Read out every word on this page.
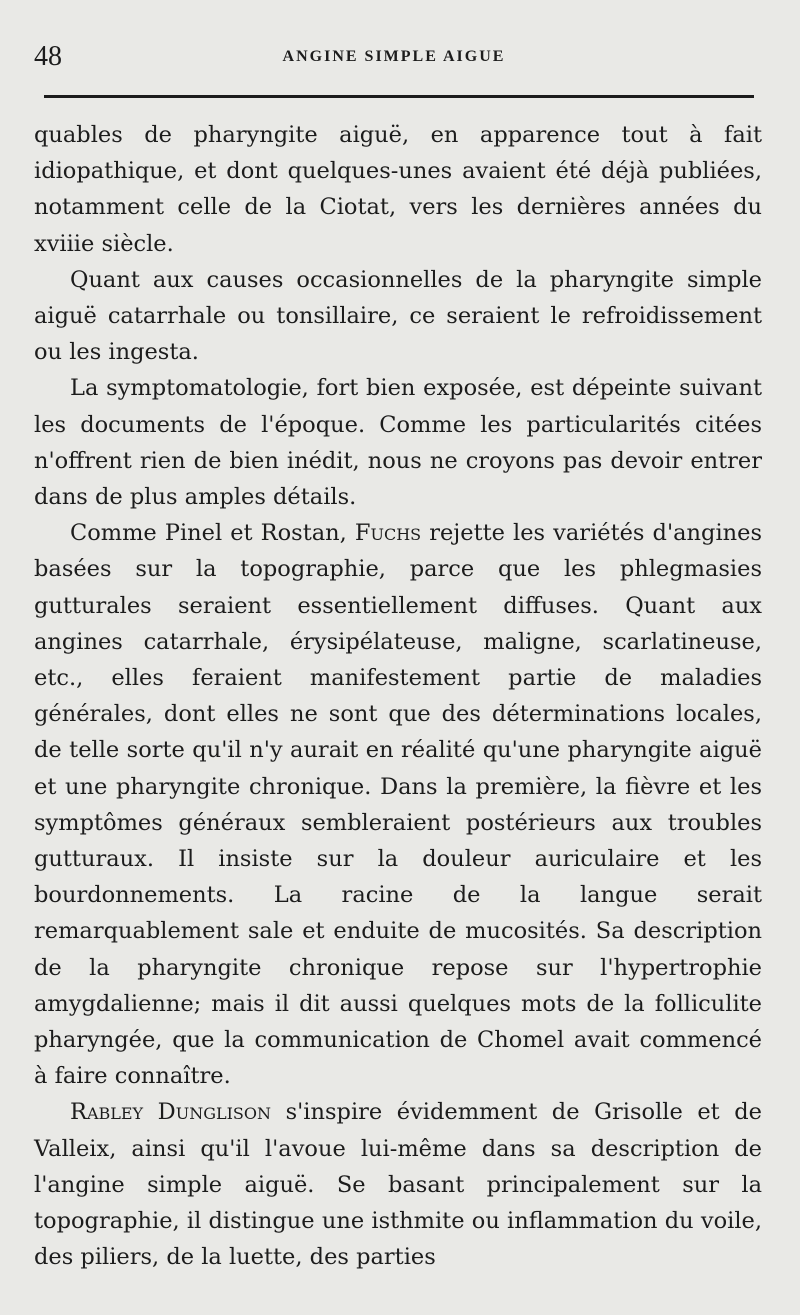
48	ANGINE SIMPLE AIGUE

quables de pharyngite aiguë, en apparence tout à fait idiopathique, et dont quelques-unes avaient été déjà publiées, notamment celle de la Ciotat, vers les dernières années du xviiie siècle.

Quant aux causes occasionnelles de la pharyngite simple aiguë catarrhale ou tonsillaire, ce seraient le refroidissement ou les ingesta.

La symptomatologie, fort bien exposée, est dépeinte suivant les documents de l'époque. Comme les particularités citées n'offrent rien de bien inédit, nous ne croyons pas devoir entrer dans de plus amples détails.

Comme Pinel et Rostan, Fuchs rejette les variétés d'angines basées sur la topographie, parce que les phlegmasies gutturales seraient essentiellement diffuses. Quant aux angines catarrhale, érysipélateuse, maligne, scarlatineuse, etc., elles feraient manifestement partie de maladies générales, dont elles ne sont que des déterminations locales, de telle sorte qu'il n'y aurait en réalité qu'une pharyngite aiguë et une pharyngite chronique. Dans la première, la fièvre et les symptômes généraux sembleraient postérieurs aux troubles gutturaux. Il insiste sur la douleur auriculaire et les bourdonnements. La racine de la langue serait remarquablement sale et enduite de mucosités. Sa description de la pharyngite chronique repose sur l'hypertrophie amygdalienne; mais il dit aussi quelques mots de la folliculite pharyngée, que la communication de Chomel avait commencé à faire connaître.

Rabley Dunglison s'inspire évidemment de Grisolle et de Valleix, ainsi qu'il l'avoue lui-même dans sa description de l'angine simple aiguë. Se basant principalement sur la topographie, il distingue une isthmite ou inflammation du voile, des piliers, de la luette, des parties
